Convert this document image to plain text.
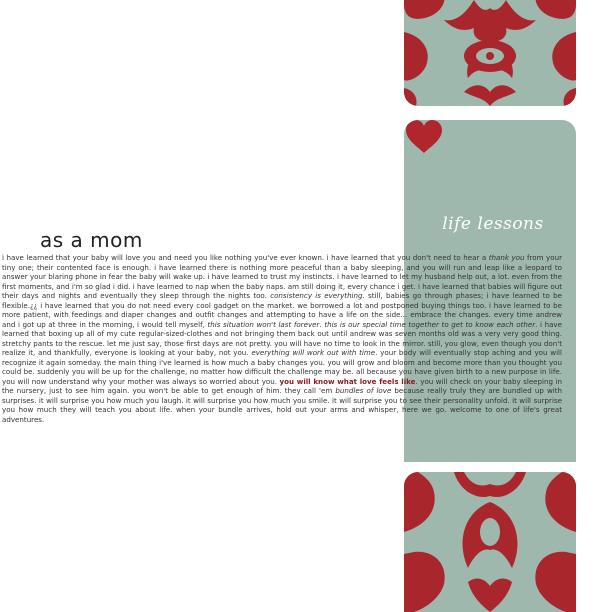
life lessons
as a mom

i have learned that your baby will love you and need you like nothing you've ever known. i have learned that you don't need to hear a thank you from your tiny one; their contented face is enough. i have learned there is nothing more peaceful than a baby sleeping, and you will run and leap like a leopard to answer your blaring phone in fear the baby will wake up. i have learned to trust my instincts. i have learned to let my husband help out, a lot. even from the first moments, and i'm so glad i did. i have learned to nap when the baby naps. am still doing it, every chance i get. i have learned that babies will figure out their days and nights and eventually they sleep through the nights too. consistency is everything. still, babies go through phases; i have learned to be flexible.¿¿ i have learned that you do not need every cool gadget on the market. we borrowed a lot and postponed buying things too. i have learned to be more patient, with feedings and diaper changes and outfit changes and attempting to have a life on the side... embrace the changes. every time andrew and i got up at three in the morning, i would tell myself, this situation won't last forever. this is our special time together to get to know each other. i have learned that boxing up all of my cute regular-sized-clothes and not bringing them back out until andrew was seven months old was a very very good thing. stretchy pants to the rescue. let me just say, those first days are not pretty. you will have no time to look in the mirror. still, you glow, even though you don't realize it, and thankfully, everyone is looking at your baby, not you. everything will work out with time. your body will eventually stop aching and you will recognize it again someday. the main thing i've learned is how much a baby changes you. you will grow and bloom and become more than you thought you could be. suddenly you will be up for the challenge, no matter how difficult the challenge may be. all because you have given birth to a new purpose in life. you will now understand why your mother was always so worried about you. you will know what love feels like. you will check on your baby sleeping in the nursery, just to see him again. you won't be able to get enough of him. they call 'em bundles of love because really truly they are bundled up with surprises. it will surprise you how much you laugh. it will surprise you how much you smile. it will surprise you to see their personality unfold. it will surprise you how much they will teach you about life. when your bundle arrives, hold out your arms and whisper, here we go. welcome to one of life's great adventures.
